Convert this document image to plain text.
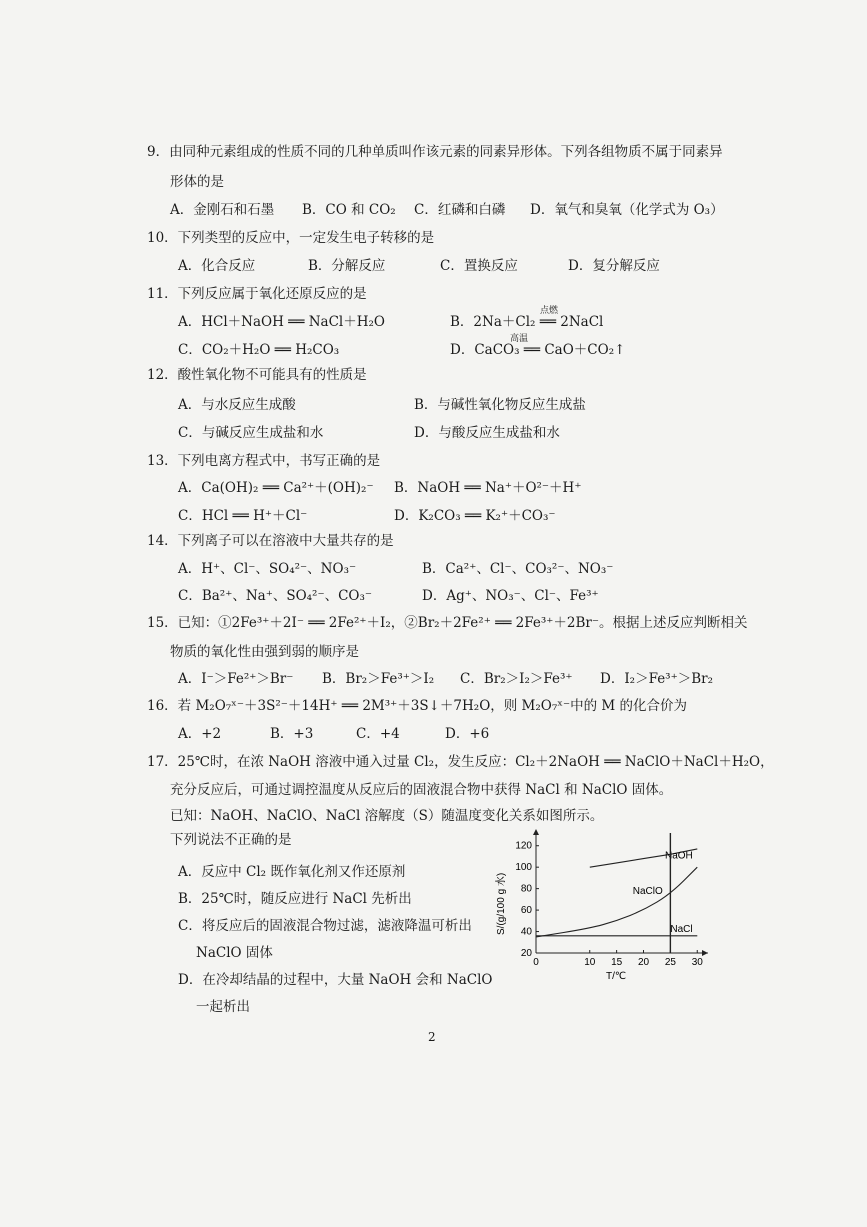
9．由同种元素组成的性质不同的几种单质叫作该元素的同素异形体。下列各组物质不属于同素异
形体的是
A．金刚石和石墨 B．CO 和 CO₂ C．红磷和白磷 D．氧气和臭氧（化学式为 O₃）
10．下列类型的反应中，一定发生电子转移的是
A．化合反应	B．分解反应	C．置换反应	D．复分解反应
11．下列反应属于氧化还原反应的是
A．HCl＋NaOH ══ NaCl＋H₂O	B．2Na＋Cl₂ ══ 2NaCl
点燃
C．CO₂＋H₂O ══ H₂CO₃	D．CaCO₃ ══ CaO＋CO₂↑
高温
12．酸性氧化物不可能具有的性质是
A．与水反应生成酸	B．与碱性氧化物反应生成盐
C．与碱反应生成盐和水	D．与酸反应生成盐和水
13．下列电离方程式中，书写正确的是
A．Ca(OH)₂ ══ Ca²⁺＋(OH)₂⁻ B．NaOH ══ Na⁺＋O²⁻＋H⁺
C．HCl ══ H⁺＋Cl⁻	D．K₂CO₃ ══ K₂⁺＋CO₃⁻
14．下列离子可以在溶液中大量共存的是
A．H⁺、Cl⁻、SO₄²⁻、NO₃⁻	B．Ca²⁺、Cl⁻、CO₃²⁻、NO₃⁻
C．Ba²⁺、Na⁺、SO₄²⁻、CO₃⁻	D．Ag⁺、NO₃⁻、Cl⁻、Fe³⁺
15．已知：①2Fe³⁺＋2I⁻ ══ 2Fe²⁺＋I₂，②Br₂＋2Fe²⁺ ══ 2Fe³⁺＋2Br⁻。根据上述反应判断相关
物质的氧化性由强到弱的顺序是
A．I⁻＞Fe²⁺＞Br⁻ B．Br₂＞Fe³⁺＞I₂ C．Br₂＞I₂＞Fe³⁺ D．I₂＞Fe³⁺＞Br₂
16．若 M₂O₇ˣ⁻＋3S²⁻＋14H⁺ ══ 2M³⁺＋3S↓＋7H₂O，则 M₂O₇ˣ⁻中的 M 的化合价为
A．+2	B．+3	C．+4	D．+6
17．25℃时，在浓 NaOH 溶液中通入过量 Cl₂，发生反应：Cl₂＋2NaOH ══ NaClO＋NaCl＋H₂O，
充分反应后，可通过调控温度从反应后的固液混合物中获得 NaCl 和 NaClO 固体。
已知：NaOH、NaClO、NaCl 溶解度（S）随温度变化关系如图所示。
下列说法不正确的是
A．反应中 Cl₂ 既作氧化剂又作还原剂
B．25℃时，随反应进行 NaCl 先析出
C．将反应后的固液混合物过滤，滤液降温可析出
NaClO 固体
D．在冷却结晶的过程中，大量 NaOH 会和 NaClO
一起析出
0	10 15 20 25 30
20
40
60
80
100
120
NaOH
NaClO
NaCl
S/(g/100 g 水)
T/℃
2
